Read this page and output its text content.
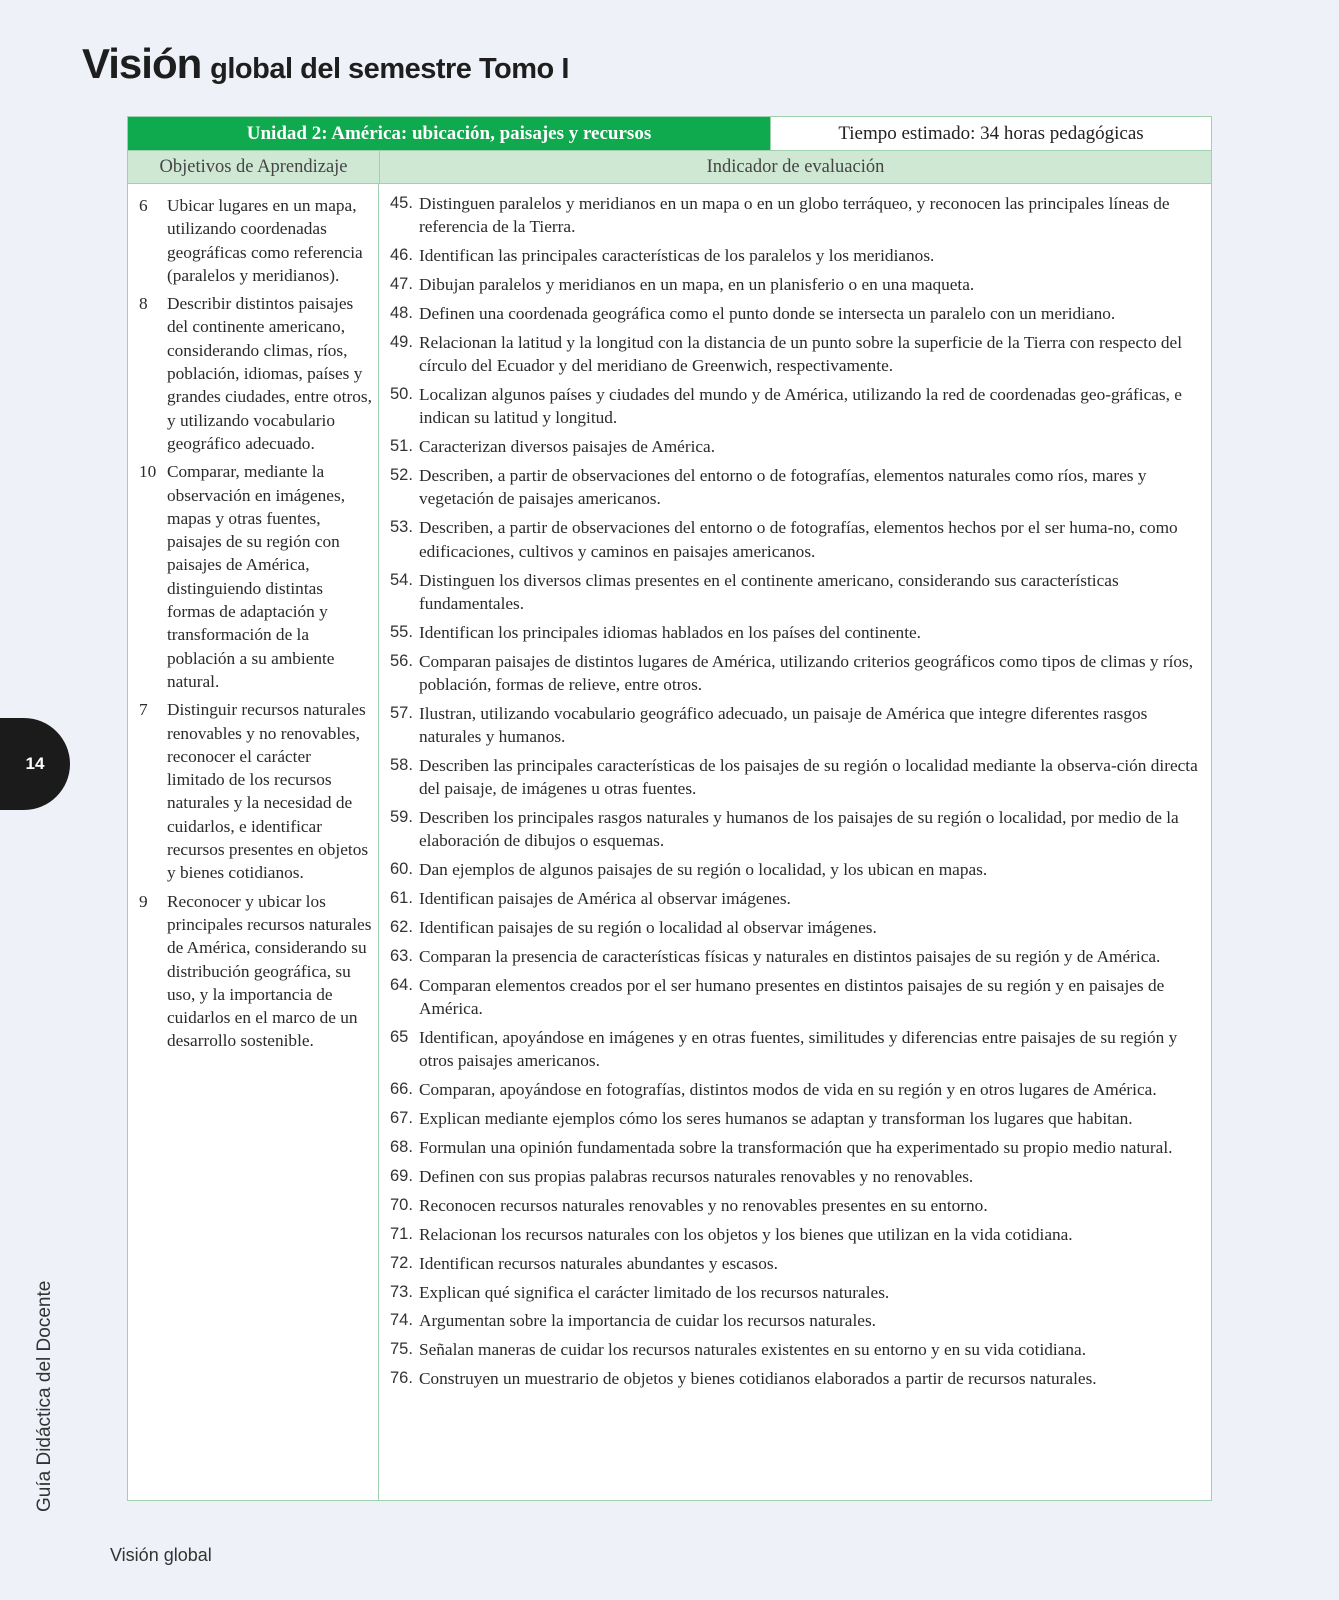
Visión global del semestre Tomo I
Unidad 2: América: ubicación, paisajes y recursos	Tiempo estimado: 34 horas pedagógicas
Objetivos de Aprendizaje	Indicador de evaluación
6	Ubicar lugares en un mapa, utilizando coordenadas geográficas como referencia (paralelos y meridianos).
8	Describir distintos paisajes del continente americano, considerando climas, ríos, población, idiomas, países y grandes ciudades, entre otros, y utilizando vocabulario geográfico adecuado.
10 Comparar, mediante la observación en imágenes, mapas y otras fuentes, paisajes de su región con paisajes de América, distinguiendo distintas formas de adaptación y transformación de la población a su ambiente natural.
7	Distinguir recursos naturales renovables y no renovables, reconocer el carácter limitado de los recursos naturales y la necesidad de cuidarlos, e identificar recursos presentes en objetos y bienes cotidianos.
9	Reconocer y ubicar los principales recursos naturales de América, considerando su distribución geográfica, su uso, y la importancia de cuidarlos en el marco de un desarrollo sostenible.
45. Distinguen paralelos y meridianos en un mapa o en un globo terráqueo, y reconocen las principales líneas de referencia de la Tierra.
46. Identifican las principales características de los paralelos y los meridianos.
47. Dibujan paralelos y meridianos en un mapa, en un planisferio o en una maqueta.
48. Definen una coordenada geográfica como el punto donde se intersecta un paralelo con un meridiano.
49. Relacionan la latitud y la longitud con la distancia de un punto sobre la superficie de la Tierra con respecto del círculo del Ecuador y del meridiano de Greenwich, respectivamente.
50. Localizan algunos países y ciudades del mundo y de América, utilizando la red de coordenadas geo-gráficas, e indican su latitud y longitud.
51. Caracterizan diversos paisajes de América.
52. Describen, a partir de observaciones del entorno o de fotografías, elementos naturales como ríos, mares y vegetación de paisajes americanos.
53. Describen, a partir de observaciones del entorno o de fotografías, elementos hechos por el ser huma-no, como edificaciones, cultivos y caminos en paisajes americanos.
54. Distinguen los diversos climas presentes en el continente americano, considerando sus características fundamentales.
55. Identifican los principales idiomas hablados en los países del continente.
56. Comparan paisajes de distintos lugares de América, utilizando criterios geográficos como tipos de climas y ríos, población, formas de relieve, entre otros.
57. Ilustran, utilizando vocabulario geográfico adecuado, un paisaje de América que integre diferentes rasgos naturales y humanos.
58. Describen las principales características de los paisajes de su región o localidad mediante la observa-ción directa del paisaje, de imágenes u otras fuentes.
59. Describen los principales rasgos naturales y humanos de los paisajes de su región o localidad, por medio de la elaboración de dibujos o esquemas.
60. Dan ejemplos de algunos paisajes de su región o localidad, y los ubican en mapas.
61. Identifican paisajes de América al observar imágenes.
62. Identifican paisajes de su región o localidad al observar imágenes.
63. Comparan la presencia de características físicas y naturales en distintos paisajes de su región y de América.
64. Comparan elementos creados por el ser humano presentes en distintos paisajes de su región y en paisajes de América.
65 Identifican, apoyándose en imágenes y en otras fuentes, similitudes y diferencias entre paisajes de su región y otros paisajes americanos.
66. Comparan, apoyándose en fotografías, distintos modos de vida en su región y en otros lugares de América.
67. Explican mediante ejemplos cómo los seres humanos se adaptan y transforman los lugares que habitan.
68. Formulan una opinión fundamentada sobre la transformación que ha experimentado su propio medio natural.
69. Definen con sus propias palabras recursos naturales renovables y no renovables.
70. Reconocen recursos naturales renovables y no renovables presentes en su entorno.
71. Relacionan los recursos naturales con los objetos y los bienes que utilizan en la vida cotidiana.
72. Identifican recursos naturales abundantes y escasos.
73. Explican qué significa el carácter limitado de los recursos naturales.
74. Argumentan sobre la importancia de cuidar los recursos naturales.
75. Señalan maneras de cuidar los recursos naturales existentes en su entorno y en su vida cotidiana.
76. Construyen un muestrario de objetos y bienes cotidianos elaborados a partir de recursos naturales.
14
Guía Didáctica del Docente
Visión global
